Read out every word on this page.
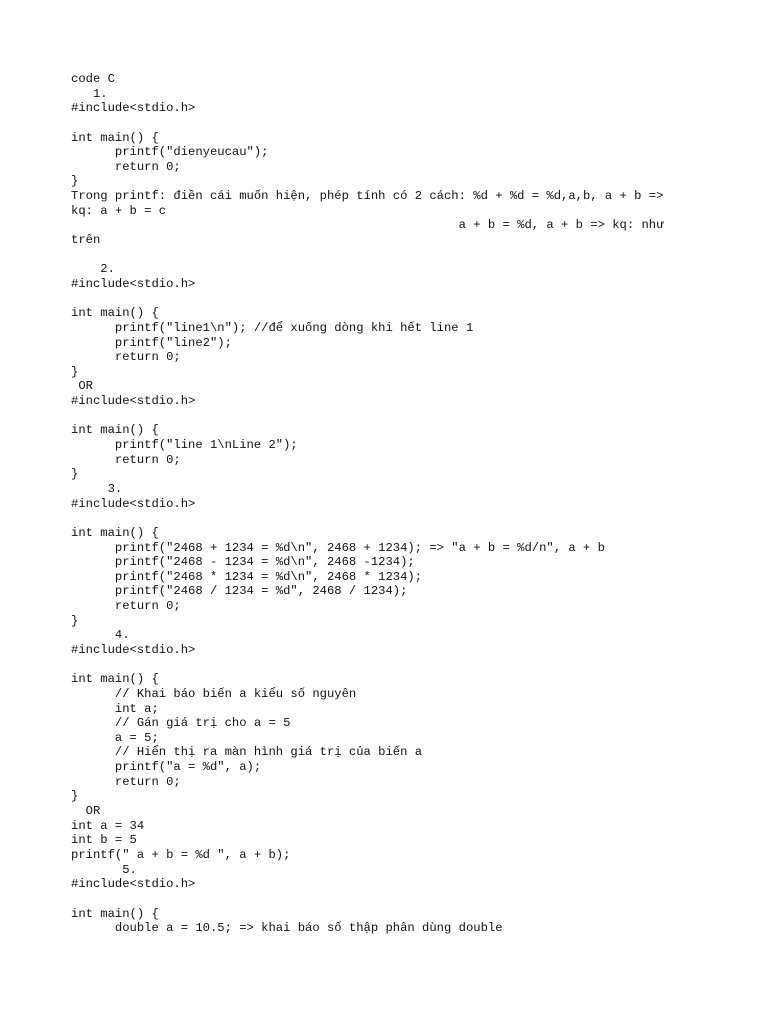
code C
1.
#include<stdio.h>
int main() {
printf("dienyeucau");
return 0;
}
Trong printf: điền cái muốn hiện, phép tính có 2 cách: %d + %d = %d,a,b, a + b =>
kq: a + b = c
a + b = %d, a + b => kq: như
trên
2.
#include<stdio.h>
int main() {
printf("line1\n"); //để xuống dòng khi hết line 1
printf("line2");
return 0;
}
OR
#include<stdio.h>
int main() {
printf("line 1\nLine 2");
return 0;
}
3.
#include<stdio.h>
int main() {
printf("2468 + 1234 = %d\n", 2468 + 1234); => "a + b = %d/n", a + b
printf("2468 - 1234 = %d\n", 2468 -1234);
printf("2468 * 1234 = %d\n", 2468 * 1234);
printf("2468 / 1234 = %d", 2468 / 1234);
return 0;
}
4.
#include<stdio.h>
int main() {
// Khai báo biến a kiểu số nguyên
int a;
// Gán giá trị cho a = 5
a = 5;
// Hiển thị ra màn hình giá trị của biến a
printf("a = %d", a);
return 0;
}
OR
int a = 34
int b = 5
printf(" a + b = %d ", a + b);
5.
#include<stdio.h>
int main() {
double a = 10.5; => khai báo số thập phân dùng double
